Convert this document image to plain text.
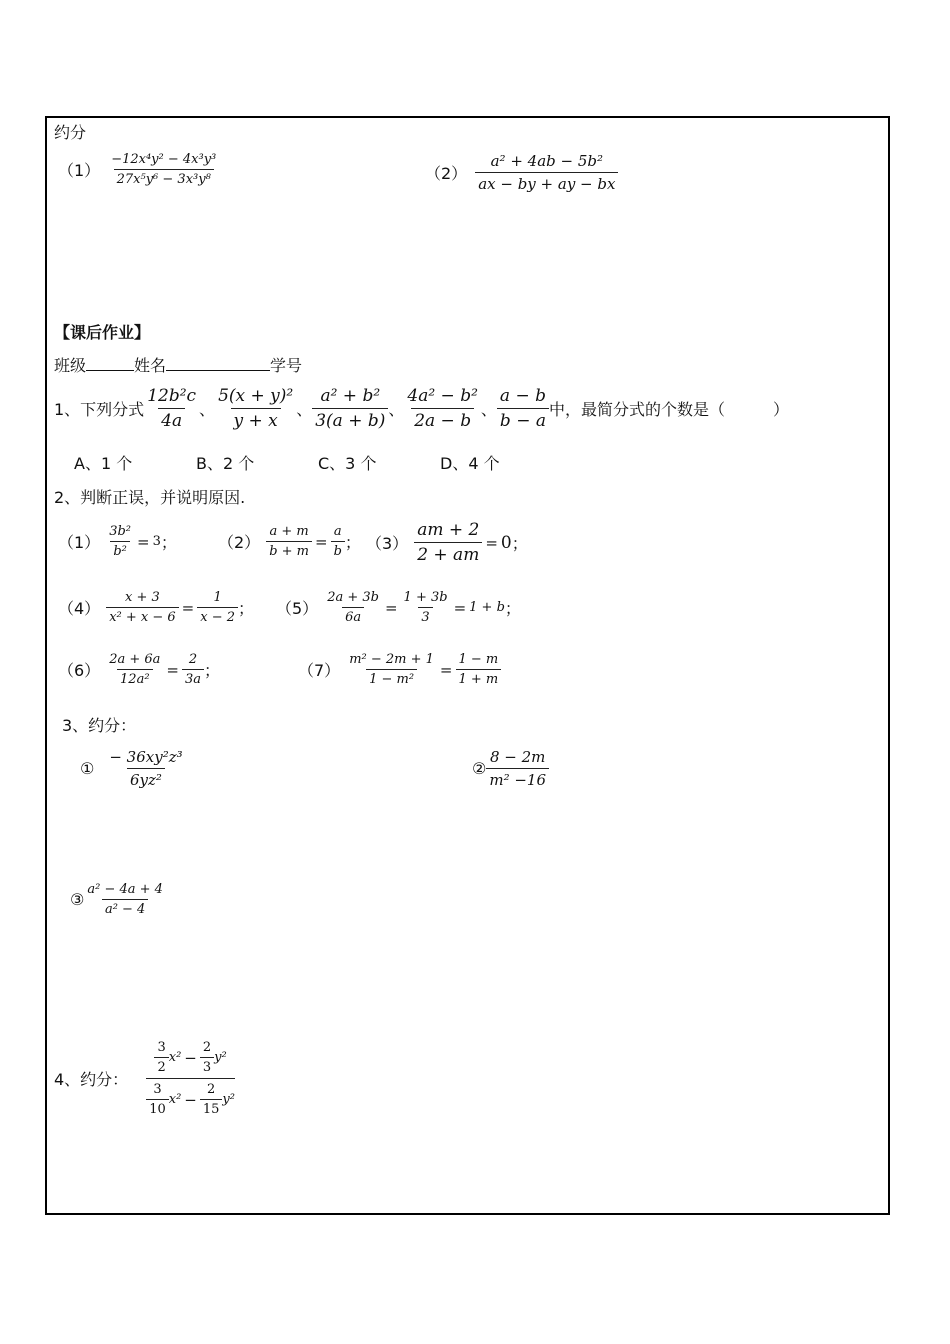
约分
$(1) \frac{\text{−12x⁴y² − 4x³y³}}{\text{27x⁵y⁶ − 3x³y⁸}}$	$(2) \frac{\text{a² + 4ab − 5b²}}{ax - by + ay - bx}$
【课后作业】
班级	姓名	学号
1、下列分式 $\frac{\text{12b²c}}{4a}$ 、 $\frac{\text{5(x + y)²}}{y + x}$ 、 $\frac{\text{a² + b²}}{3(a + b)}$ 、 $\frac{\text{4a² − b²}}{2a - b}$ 、 $\frac{a - b}{b - a}$ 中，最简分式的个数是（	）
A、1 个	B、2 个	C、3 个	D、4 个
2、判断正误，并说明原因.
$(1) \frac{\text{3b²}}{\text{b²}} = 3$ ；	$(2) \frac{a + m}{b + m} = \frac{a}{b}$ ； $(3) \frac{am + 2}{2 + am} = 0$ ；
$(4) \frac{x + 3}{\text{x² + x − 6}} = \frac{1}{x - 2}$ ； $(5) \frac{2a + 3b}{6a} = \frac{1 + 3b}{3} = 1 + b$ ；
$(6) \frac{2a + 6a}{\text{12a²}} = \frac{2}{3a}$ ；	$(7) \frac{\text{m² − 2m + 1}}{\text{1 − m²}} = \frac{1 - m}{1 + m}$
3、约分：
① $\frac{\text{− 36xy²z³}}{\text{6yz²}}$	② $\frac{8 - 2m}{\text{m² −16}}$
③ $\frac{\text{a² − 4a + 4}}{\text{a² − 4}}$
4、约分：
$\frac{3}{2} x^2 - \frac{2}{3} y^2$
$\frac{3}{10} x^2 - \frac{2}{15} y^2$
